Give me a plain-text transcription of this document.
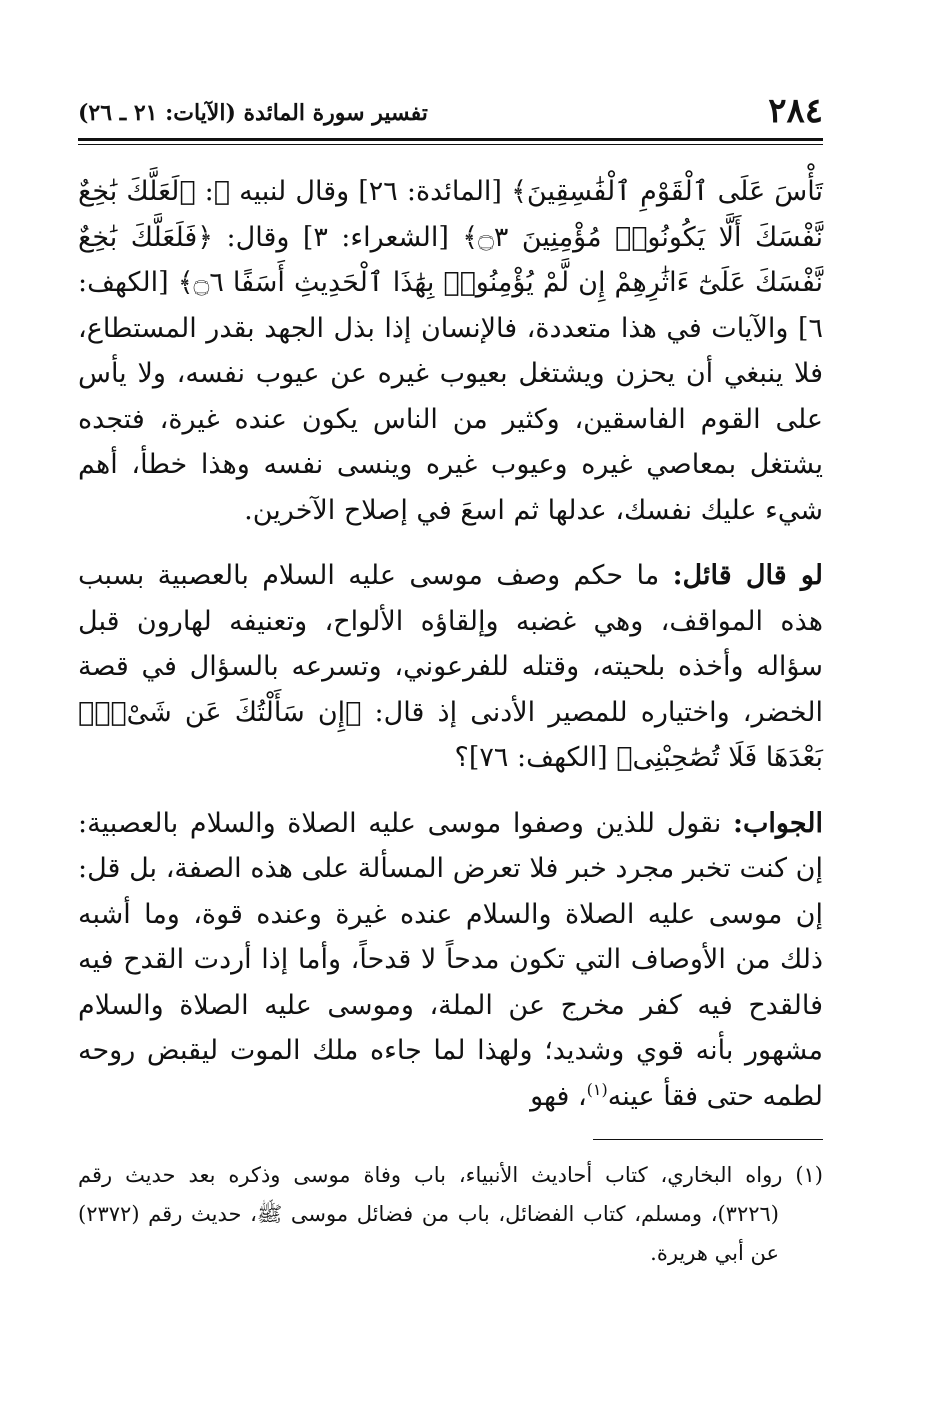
٢٨٤
تفسير سورة المائدة (الآيات: ٢١ ـ ٢٦)

تَأْسَ عَلَى ٱلْقَوْمِ ٱلْفَٰسِقِينَ﴾ [المائدة: ٢٦] وقال لنبيه ﷺ: ﴿لَعَلَّكَ بَٰخِعٌ نَّفْسَكَ أَلَّا يَكُونُوا۟ مُؤْمِنِينَ ۝٣﴾ [الشعراء: ٣] وقال: ﴿فَلَعَلَّكَ بَٰخِعٌ نَّفْسَكَ عَلَىٰٓ ءَاثَٰرِهِمْ إِن لَّمْ يُؤْمِنُوا۟ بِهَٰذَا ٱلْحَدِيثِ أَسَفًا ۝٦﴾ [الكهف: ٦] والآيات في هذا متعددة، فالإنسان إذا بذل الجهد بقدر المستطاع، فلا ينبغي أن يحزن ويشتغل بعيوب غيره عن عيوب نفسه، ولا يأس على القوم الفاسقين، وكثير من الناس يكون عنده غيرة، فتجده يشتغل بمعاصي غيره وعيوب غيره وينسى نفسه وهذا خطأ، أهم شيء عليك نفسك، عدلها ثم اسعَ في إصلاح الآخرين.

لو قال قائل: ما حكم وصف موسى عليه السلام بالعصبية بسبب هذه المواقف، وهي غضبه وإلقاؤه الألواح، وتعنيفه لهارون قبل سؤاله وأخذه بلحيته، وقتله للفرعوني، وتسرعه بالسؤال في قصة الخضر، واختياره للمصير الأدنى إذ قال: ﴿إِن سَأَلْتُكَ عَن شَىْءٍۭ بَعْدَهَا فَلَا تُصَٰحِبْنِى﴾ [الكهف: ٧٦]؟

الجواب: نقول للذين وصفوا موسى عليه الصلاة والسلام بالعصبية: إن كنت تخبر مجرد خبر فلا تعرض المسألة على هذه الصفة، بل قل: إن موسى عليه الصلاة والسلام عنده غيرة وعنده قوة، وما أشبه ذلك من الأوصاف التي تكون مدحاً لا قدحاً، وأما إذا أردت القدح فيه فالقدح فيه كفر مخرج عن الملة، وموسى عليه الصلاة والسلام مشهور بأنه قوي وشديد؛ ولهذا لما جاءه ملك الموت ليقبض روحه لطمه حتى فقأ عينه$^{(١)}$، فهو

(١) رواه البخاري، كتاب أحاديث الأنبياء، باب وفاة موسى وذكره بعد حديث رقم (٣٢٢٦)، ومسلم، كتاب الفضائل، باب من فضائل موسى ﷺ، حديث رقم (٢٣٧٢) عن أبي هريرة.
